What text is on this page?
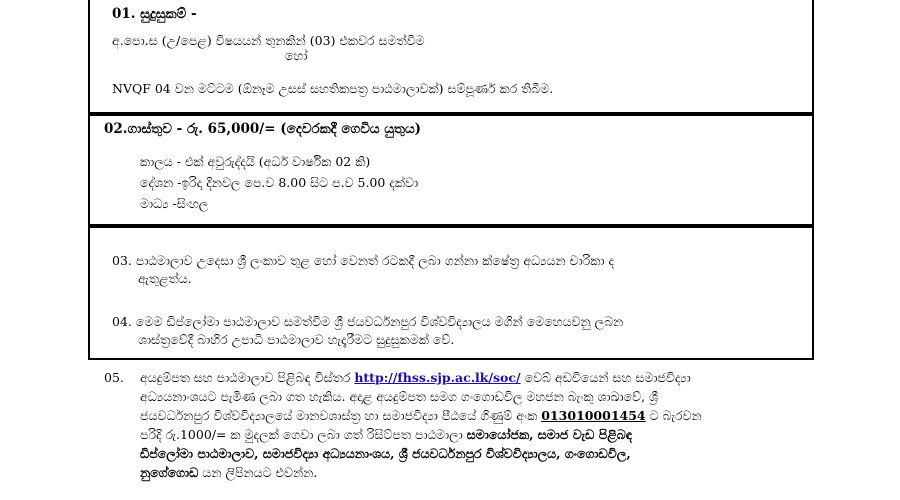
01. සුදුසුකම් -
අ.පො.ස (උ/පෙළ) විෂයයන් තුනකින් (03) එකවර සමත්වීම
හෝ
NVQF 04 වන මට්ටම (ඕනෑම උසස් සහතිකපත්‍ර පාඨමාලාවක්) සම්පූර්ණ කර තිබීම.
02.ගාස්තුව - රු. 65,000/= (දෙවරකදී ගෙවිය යුතුය)
කාලය - එක් අවුරුද්දයි (අර්ධ වාර්ෂික 02 කි)
දේශන -ඉරිදා දිනවල පෙ.ව 8.00 සිට ප.ව 5.00 දක්වා
මාධ්‍ය -සිංහල
03. පාඨමාලාව උදෙසා ශ්‍රී ලංකාව තුළ හෝ වෙනත් රටකදී ලබා ගන්නා ක්ෂේත්‍ර අධ්‍යයන චාරිකා ද
ඇතුළත්ය.
04. මෙම ඩිප්ලෝමා පාඨමාලාව සමත්වීම ශ්‍රී ජයවර්ධනපුර විශ්වවිද්‍යාලය මගින් මෙහෙයවනු ලබන
ශාස්ත්‍රවේදී බාහිර උපාධි පාඨමාලාව හැදෑරීමට සුදුසුකමක් වේ.
05. අයදුම්පත සහ පාඨමාලාව පිළිබඳ විස්තර http://fhss.sjp.ac.lk/soc/ වෙබ් අඩවියෙන් සහ සමාජවිද්‍යා
අධ්‍යයනාංශයට පැමිණ ලබා ගත හැකිය. අදාළ අයදුම්පත සමග ගංගොඩවිල මහජන බැංකු ශාඛාවේ, ශ්‍රී
ජයවර්ධනපුර විශ්වවිද්‍යාලයේ මානවශාස්ත්‍ර හා සමාජවිද්‍යා පීඨයේ ගිණුම් අංක 013010001454 ට බැරවන
පරිදි රු.1000/= ක මුදලක් ගෙවා ලබා ගත් රිසිට්පත පාඨමාලා සමායෝජක, සමාජ වැඩ පිළිබඳ
ඩිප්ලෝමා පාඨමාලාව, සමාජවිද්‍යා අධ්‍යයනාංශය, ශ්‍රී ජයවර්ධනපුර විශ්වවිද්‍යාලය, ගංගොඩවිල,
නුගේගොඩ යන ලිපිනයට එවන්න.
